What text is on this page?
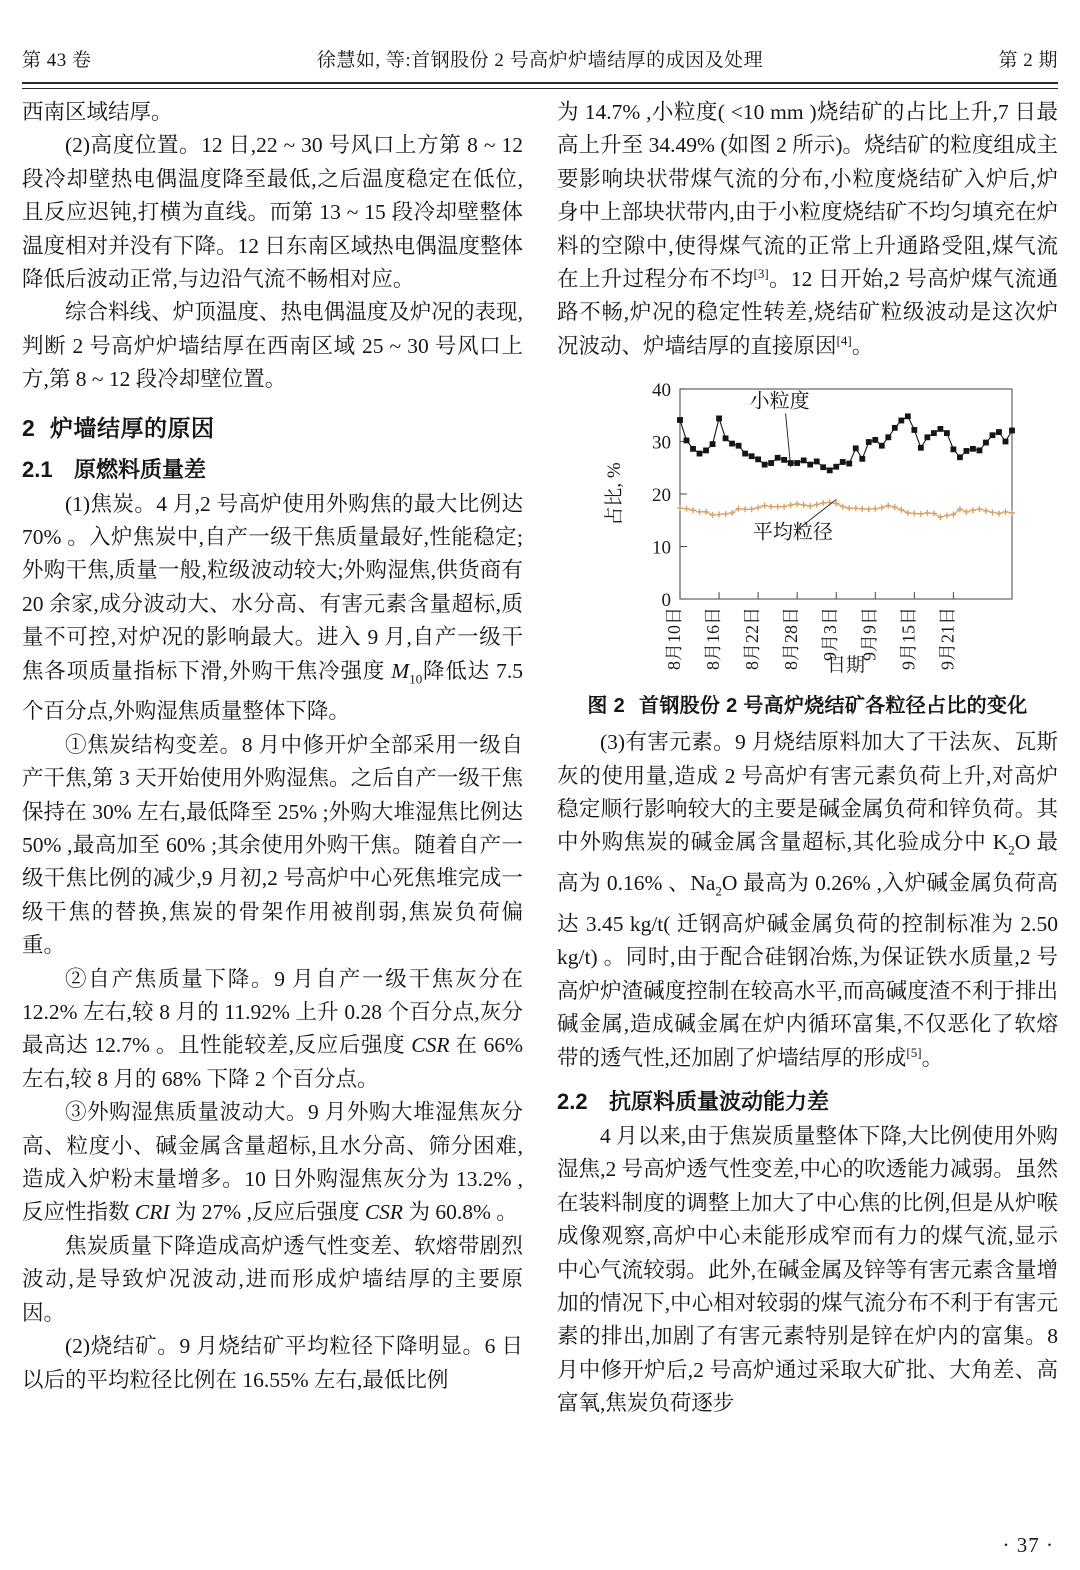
第 43 卷	徐慧如, 等:首钢股份 2 号高炉炉墙结厚的成因及处理	第 2 期

西南区域结厚。

(2)高度位置。12 日,22 ~ 30 号风口上方第 8 ~ 12 段冷却壁热电偶温度降至最低,之后温度稳定在低位,且反应迟钝,打横为直线。而第 13 ~ 15 段冷却壁整体温度相对并没有下降。12 日东南区域热电偶温度整体降低后波动正常,与边沿气流不畅相对应。

综合料线、炉顶温度、热电偶温度及炉况的表现,判断 2 号高炉炉墙结厚在西南区域 25 ~ 30 号风口上方,第 8 ~ 12 段冷却壁位置。

2 炉墙结厚的原因
2.1 原燃料质量差

(1)焦炭。4 月,2 号高炉使用外购焦的最大比例达 70% 。入炉焦炭中,自产一级干焦质量最好,性能稳定;外购干焦,质量一般,粒级波动较大;外购湿焦,供货商有 20 余家,成分波动大、水分高、有害元素含量超标,质量不可控,对炉况的影响最大。进入 9 月,自产一级干焦各项质量指标下滑,外购干焦冷强度 $M_{10}$降低达 7.5 个百分点,外购湿焦质量整体下降。

①焦炭结构变差。8 月中修开炉全部采用一级自产干焦,第 3 天开始使用外购湿焦。之后自产一级干焦保持在 30% 左右,最低降至 25% ;外购大堆湿焦比例达 50% ,最高加至 60% ;其余使用外购干焦。随着自产一级干焦比例的减少,9 月初,2 号高炉中心死焦堆完成一级干焦的替换,焦炭的骨架作用被削弱,焦炭负荷偏重。

②自产焦质量下降。9 月自产一级干焦灰分在 12.2% 左右,较 8 月的 11.92% 上升 0.28 个百分点,灰分最高达 12.7% 。且性能较差,反应后强度 CSR 在 66% 左右,较 8 月的 68% 下降 2 个百分点。

③外购湿焦质量波动大。9 月外购大堆湿焦灰分高、粒度小、碱金属含量超标,且水分高、筛分困难,造成入炉粉末量增多。10 日外购湿焦灰分为 13.2% ,反应性指数 CRI 为 27% ,反应后强度 CSR 为 60.8% 。

焦炭质量下降造成高炉透气性变差、软熔带剧烈波动,是导致炉况波动,进而形成炉墙结厚的主要原因。

(2)烧结矿。9 月烧结矿平均粒径下降明显。6 日以后的平均粒径比例在 16.55% 左右,最低比例

为 14.7% ,小粒度( <10 mm )烧结矿的占比上升,7 日最高上升至 34.49% (如图 2 所示)。烧结矿的粒度组成主要影响块状带煤气流的分布,小粒度烧结矿入炉后,炉身中上部块状带内,由于小粒度烧结矿不均匀填充在炉料的空隙中,使得煤气流的正常上升通路受阻,煤气流在上升过程分布不均[3]。12 日开始,2 号高炉煤气流通路不畅,炉况的稳定性转差,烧结矿粒级波动是这次炉况波动、炉墙结厚的直接原因[4]。

0
10
20
30
40
占比, %
8月10日 8月16日 8月22日 8月28日 9月3日 9月9日 9月15日 9月21日
日期
小粒度
平均粒径
图 2 首钢股份 2 号高炉烧结矿各粒径占比的变化

(3)有害元素。9 月烧结原料加大了干法灰、瓦斯灰的使用量,造成 2 号高炉有害元素负荷上升,对高炉稳定顺行影响较大的主要是碱金属负荷和锌负荷。其中外购焦炭的碱金属含量超标,其化验成分中 $K_2O$ 最高为 0.16% 、$Na_2O$ 最高为 0.26% ,入炉碱金属负荷高达 3.45 kg/t( 迁钢高炉碱金属负荷的控制标准为 2.50 kg/t) 。同时,由于配合硅钢冶炼,为保证铁水质量,2 号高炉炉渣碱度控制在较高水平,而高碱度渣不利于排出碱金属,造成碱金属在炉内循环富集,不仅恶化了软熔带的透气性,还加剧了炉墙结厚的形成[5]。

2.2 抗原料质量波动能力差

4 月以来,由于焦炭质量整体下降,大比例使用外购湿焦,2 号高炉透气性变差,中心的吹透能力减弱。虽然在装料制度的调整上加大了中心焦的比例,但是从炉喉成像观察,高炉中心未能形成窄而有力的煤气流,显示中心气流较弱。此外,在碱金属及锌等有害元素含量增加的情况下,中心相对较弱的煤气流分布不利于有害元素的排出,加剧了有害元素特别是锌在炉内的富集。8 月中修开炉后,2 号高炉通过采取大矿批、大角差、高富氧,焦炭负荷逐步

· 37 ·
